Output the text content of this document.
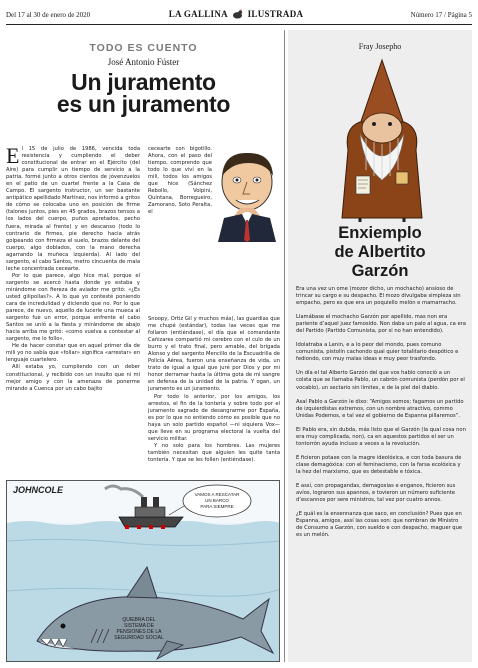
Del 17 al 30 de enero de 2020	LA GALLINA ILUSTRADA	Número 17 / Página 5
TODO ES CUENTO
José Antonio Fúster
Un juramento
es un juramento

El 15 de julio de 1986, vencida toda resistencia y cumpliendo el deber constitucional de entrar en el Ejército (del Aire) para cumplir un tiempo de servicio a la patria, formé junto a otros cientos de jóvenzuelos en el patio de un cuartel frente a la Casa de Campo. El sargento instructor, un ser bastante antipático apellidado Martínez, nos informó a gritos de cómo se colocaba uno en posición de firme (talones juntos, pies en 45 grados, brazos tensos a los lados del cuerpo, puños apretados, pecho fuera, mirada al frente) y en descanso (todo lo contrario de firmes, pie derecho hacia atrás golpeando con firmeza el suelo, brazos delante del cuerpo, algo doblados, con la mano derecha agarrando la muñeca izquierda). Al lado del sargento, el cabo Santos, metro cincuenta de mala leche concentrada cecearte.

Por lo que parece, algo hice mal, porque el sargento se acercó hasta donde yo estaba y mirándome con fiereza de aviador me gritó: «¿Es usted gilipollas?». A lo que yo contesté poniendo cara de incredulidad y diciendo que no. Por lo que parece, de nuevo, aquello de lucerle una mueca al sargento fue un error, porque enfrente el cabo Santos se unió a la fiesta y mirándome de abajo hacia arriba me gritó: «como vuelva a contestar al sargento, me lo follo».

He de hacer constar que en aquel primer día de mili yo no sabía que «follar» significa «arrestar» en lenguaje cuartelero.

Allí estaba yo, cumpliendo con un deber constitucional, y recibido con un insulto que ni mi mejor amigo y con la amenaza de ponerme mirando a Cuenca por un cabo bajito

cecearte con bigotillo. Ahora, con el paso del tiempo, comprendo que todo lo que viví en la mili, todos los amigos que hice (Sánchez Rebollo, Volpini, Quintana, Borregueiro, Zamorano, Soto Peralta, el

Snoopy, Ortiz Gil y muchos más), las guardias que me chupé (estándar), todas las veces que me follaron (entiéndase), el día que el comandante Cañizares compartió mi cerebro con el culo de un burro y el trato final, pero amable, del brigada Alonso y del sargento Mencillo de la Escuadrilla de Policía Aérea, fueron una enseñanza de vida, un trato de igual a igual que juré por Dios y por mi honor derramar hasta la última gota de mi sangre en defensa de la unidad de la patria. Y ogan, un juramento es un juramento.

Por todo lo anterior, por los amigos, los arrestos, el fin de la tontería y sobre todo por el juramento sagrado de desangrarme por España, es por lo que no entiendo cómo es posible que no haya un solo partido español —ni siquiera Vox— que lleve en su programa electoral la vuelta del servicio militar.

Y no solo para los hombres. Las mujeres también necesitan que alguien les quite tanta tontería. Y que se les follen (entiéndase).

VAMOS A RESCATAR
UN BARCO
PARA SIEMPRE
QUIEBRA DEL
SISTEMA DE
PENSIONES DE LA
SEGURIDAD SOCIAL
JOHNCOLE
Fray Josepho
Enxiemplo
de Albertito
Garzón

Era una vez un ome (mozor dicho, un mochacho) ansioso de trincar su cargo e su despacho. El mozo divulgaba simpleza sin empacho, pero es que era un poquiello melón e mamarracho.

Llamábase el mochacho Garzón por apellido, mas non era pariente d’aquel juez famosido. Non daba un palo al agua, ca era del Partido (Partido Comunista, por si no han entendido).

Idolatraba a Lenin, e a lo peor del mondo, pues comuno comunista, pistolín cachondo qual quier totalitario despótico e fediondo, con muy malas ideas e muy peor trasfondo.

Un día el tal Alberto Garzón del que vos hablo conoció a un colsta que se llamaba Pablo, un cabrón comunista (perdón por el vocablo), un sectario sin límites, e de la piel del diablo.

Asaí Pablo a Garzón le dixo: “Amigos somos; fagamos un partido de izquierdistas extremos, con un nombre atractivo, commo Unidas Podemos, e tal vez el gobierno de Espanna pillaremos”.

El Pablo era, sin dubda, más listo que el Garzón (la qual cosa non era muy complicada, non), ca en aquestos partidos el ser un tontorrón ayuda incluso a veces a la revolución.

E ficieron potaxe con la magre ideolóxica, e con toda basura de clase demagóxica: con el feminacismo, con la farsa ecolóxica y la hez del marxismo, que es detestable e tóxica.

E assí, con propagandas, demagoxias e enganos, ficieron sus avíos, lograron sus apannos, e tovieron un número suficiente d’escannos por sere ministros, tal vez por cuatro annos.

¿E quál es la ensennanza que saco, en conclusión? Pues que en Espanna, amigos, assí las cosas son: que nombran de Ministro de Consumo a Garzón, con sueldo e con despacho, maguer que es un melón.
